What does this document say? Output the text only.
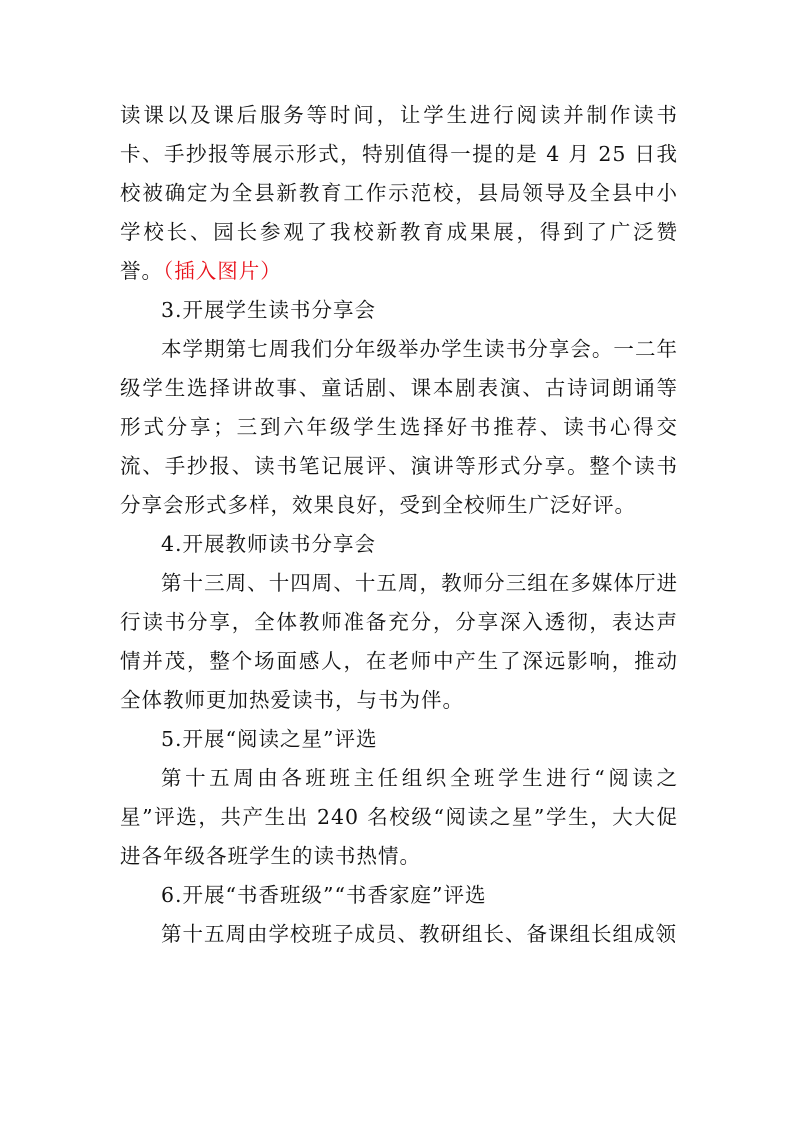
读课以及课后服务等时间，让学生进行阅读并制作读书卡、手抄报等展示形式，特别值得一提的是 4 月 25 日我校被确定为全县新教育工作示范校，县局领导及全县中小学校长、园长参观了我校新教育成果展，得到了广泛赞誉。（插入图片）

3.开展学生读书分享会

本学期第七周我们分年级举办学生读书分享会。一二年级学生选择讲故事、童话剧、课本剧表演、古诗词朗诵等形式分享；三到六年级学生选择好书推荐、读书心得交流、手抄报、读书笔记展评、演讲等形式分享。整个读书分享会形式多样，效果良好，受到全校师生广泛好评。

4.开展教师读书分享会

第十三周、十四周、十五周，教师分三组在多媒体厅进行读书分享，全体教师准备充分，分享深入透彻，表达声情并茂，整个场面感人，在老师中产生了深远影响，推动全体教师更加热爱读书，与书为伴。

5.开展“阅读之星”评选

第十五周由各班班主任组织全班学生进行“阅读之星”评选，共产生出 240 名校级“阅读之星”学生，大大促进各年级各班学生的读书热情。

6.开展“书香班级”“书香家庭”评选

第十五周由学校班子成员、教研组长、备课组长组成领
